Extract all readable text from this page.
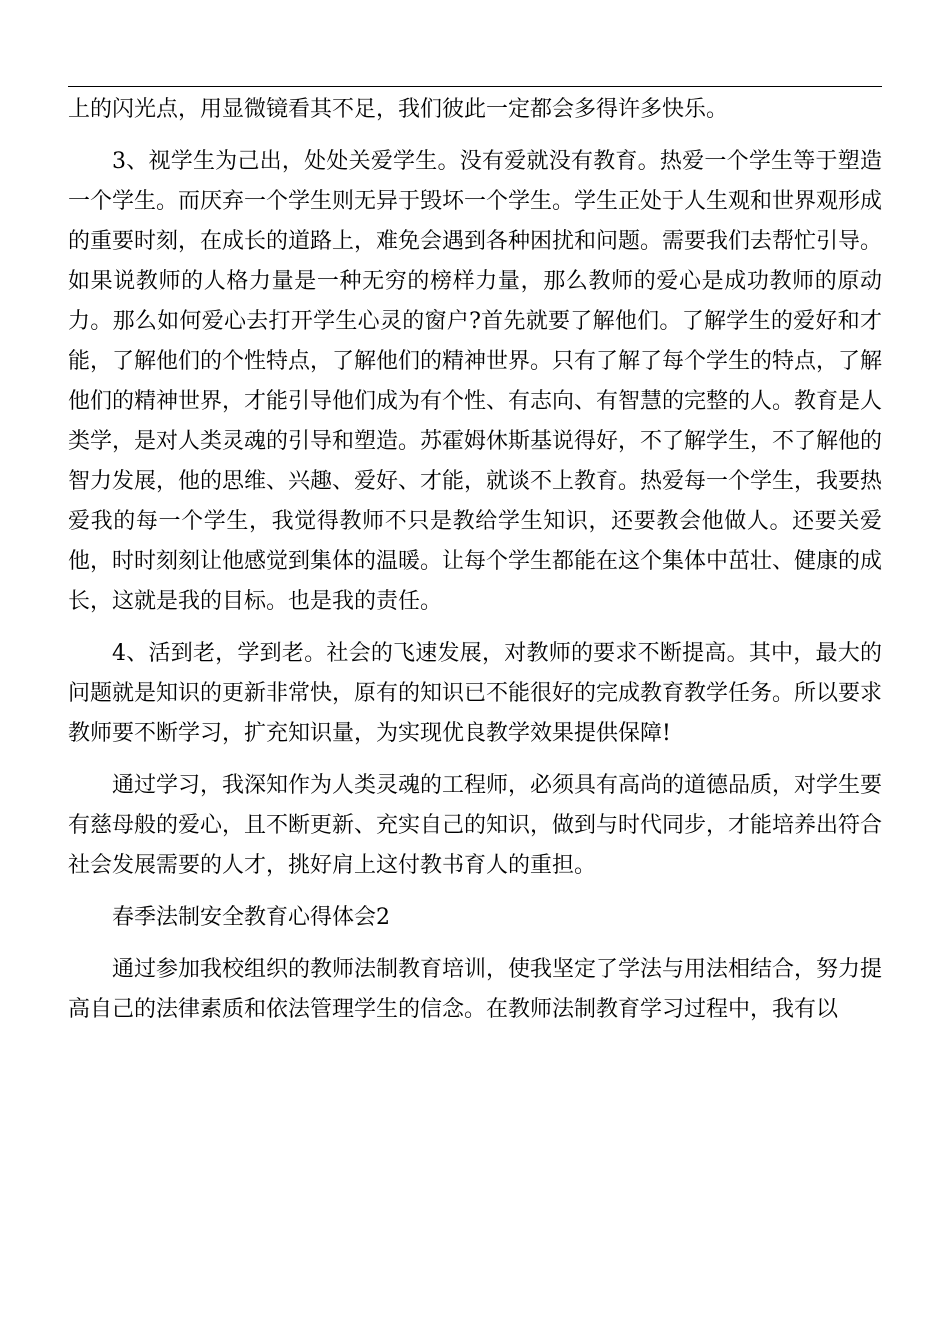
上的闪光点，用显微镜看其不足，我们彼此一定都会多得许多快乐。

3、视学生为己出，处处关爱学生。没有爱就没有教育。热爱一个学生等于塑造一个学生。而厌弃一个学生则无异于毁坏一个学生。学生正处于人生观和世界观形成的重要时刻，在成长的道路上，难免会遇到各种困扰和问题。需要我们去帮忙引导。如果说教师的人格力量是一种无穷的榜样力量，那么教师的爱心是成功教师的原动力。那么如何爱心去打开学生心灵的窗户?首先就要了解他们。了解学生的爱好和才能，了解他们的个性特点，了解他们的精神世界。只有了解了每个学生的特点，了解他们的精神世界，才能引导他们成为有个性、有志向、有智慧的完整的人。教育是人类学，是对人类灵魂的引导和塑造。苏霍姆休斯基说得好，不了解学生，不了解他的智力发展，他的思维、兴趣、爱好、才能，就谈不上教育。热爱每一个学生，我要热爱我的每一个学生，我觉得教师不只是教给学生知识，还要教会他做人。还要关爱他，时时刻刻让他感觉到集体的温暖。让每个学生都能在这个集体中茁壮、健康的成长，这就是我的目标。也是我的责任。

4、活到老，学到老。社会的飞速发展，对教师的要求不断提高。其中，最大的问题就是知识的更新非常快，原有的知识已不能很好的完成教育教学任务。所以要求教师要不断学习，扩充知识量，为实现优良教学效果提供保障!

通过学习，我深知作为人类灵魂的工程师，必须具有高尚的道德品质，对学生要有慈母般的爱心，且不断更新、充实自己的知识，做到与时代同步，才能培养出符合社会发展需要的人才，挑好肩上这付教书育人的重担。

春季法制安全教育心得体会2

通过参加我校组织的教师法制教育培训，使我坚定了学法与用法相结合，努力提高自己的法律素质和依法管理学生的信念。在教师法制教育学习过程中，我有以
